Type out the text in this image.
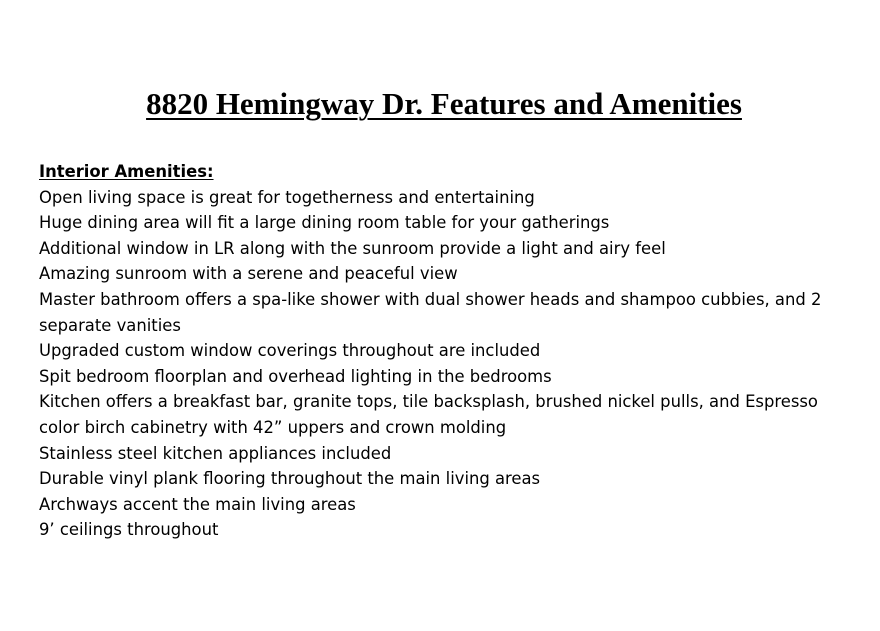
8820 Hemingway Dr. Features and Amenities

Interior Amenities:

Open living space is great for togetherness and entertaining
Huge dining area will fit a large dining room table for your gatherings
Additional window in LR along with the sunroom provide a light and airy feel
Amazing sunroom with a serene and peaceful view
Master bathroom offers a spa-like shower with dual shower heads and shampoo cubbies, and 2 separate vanities
Upgraded custom window coverings throughout are included
Spit bedroom floorplan and overhead lighting in the bedrooms
Kitchen offers a breakfast bar, granite tops, tile backsplash, brushed nickel pulls, and Espresso color birch cabinetry with 42” uppers and crown molding
Stainless steel kitchen appliances included
Durable vinyl plank flooring throughout the main living areas
Archways accent the main living areas
9’ ceilings throughout
